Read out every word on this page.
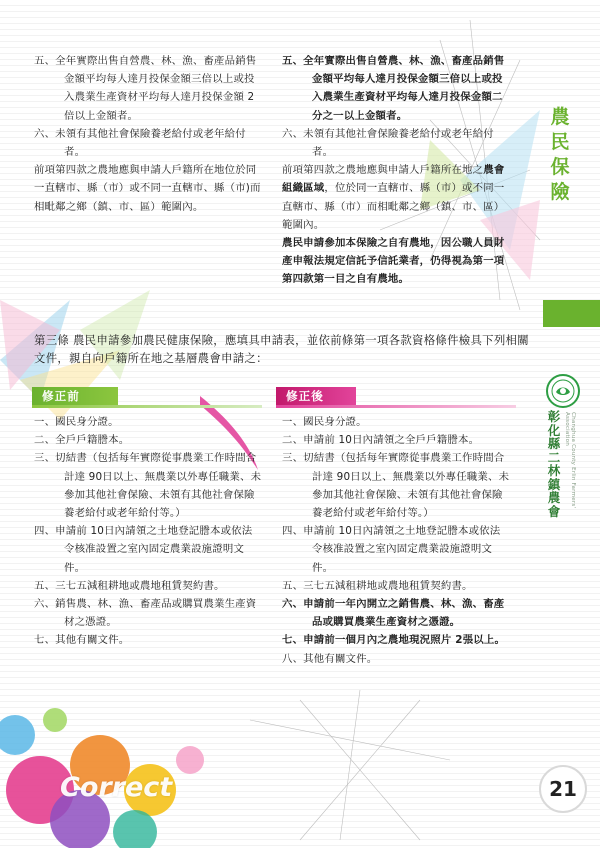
五、全年實際出售自營農、林、漁、畜產品銷售金額平均每人達月投保金額三倍以上或投入農業生產資材平均每人達月投保金額 2倍以上金額者。

六、未領有其他社會保險養老給付或老年給付者。

前項第四款之農地應與申請人戶籍所在地位於同一直轄市、縣（市）或不同一直轄市、縣（市)而相毗鄰之鄉（鎮、市、區）範圍內。

五、全年實際出售自營農、林、漁、畜產品銷售金額平均每人達月投保金額三倍以上或投入農業生產資材平均每人達月投保金額二分之一以上金額者。

六、未領有其他社會保險養老給付或老年給付者。

前項第四款之農地應與申請人戶籍所在地之農會組織區域，位於同一直轄市、縣（市）或不同一直轄市、縣（市）而相毗鄰之鄉（鎮、市、區）範圍內。

農民申請參加本保險之自有農地，因公職人員財產申報法規定信託予信託業者，仍得視為第一項第四款第一目之自有農地。

第三條 農民申請參加農民健康保險，應填具申請表，並依前條第一項各款資格條件檢具下列相關文件，親自向戶籍所在地之基層農會申請之：
修正前	修正後

一、國民身分證。

二、全戶戶籍謄本。

三、切結書（包括每年實際從事農業工作時間合計達 90日以上、無農業以外專任職業、未參加其他社會保險、未領有其他社會保險養老給付或老年給付等。）

四、申請前 10日內請領之土地登記謄本或依法令核准設置之室內固定農業設施證明文件。

五、三七五減租耕地或農地租賃契約書。

六、銷售農、林、漁、畜產品或購買農業生產資材之憑證。

七、其他有關文件。

一、國民身分證。

二、申請前 10日內請領之全戶戶籍謄本。

三、切結書（包括每年實際從事農業工作時間合計達 90日以上、無農業以外專任職業、未參加其他社會保險、未領有其他社會保險養老給付或老年給付等。）

四、申請前 10日內請領之土地登記謄本或依法令核准設置之室內固定農業設施證明文件。

五、三七五減租耕地或農地租賃契約書。

六、申請前一年內開立之銷售農、林、漁、畜產品或購買農業生產資材之憑證。

七、申請前一個月內之農地現況照片 2張以上。

八、其他有關文件。

農民保險
彰化縣二林鎮農會
Changhua County Erlin Farmers' Association
Correct	21
